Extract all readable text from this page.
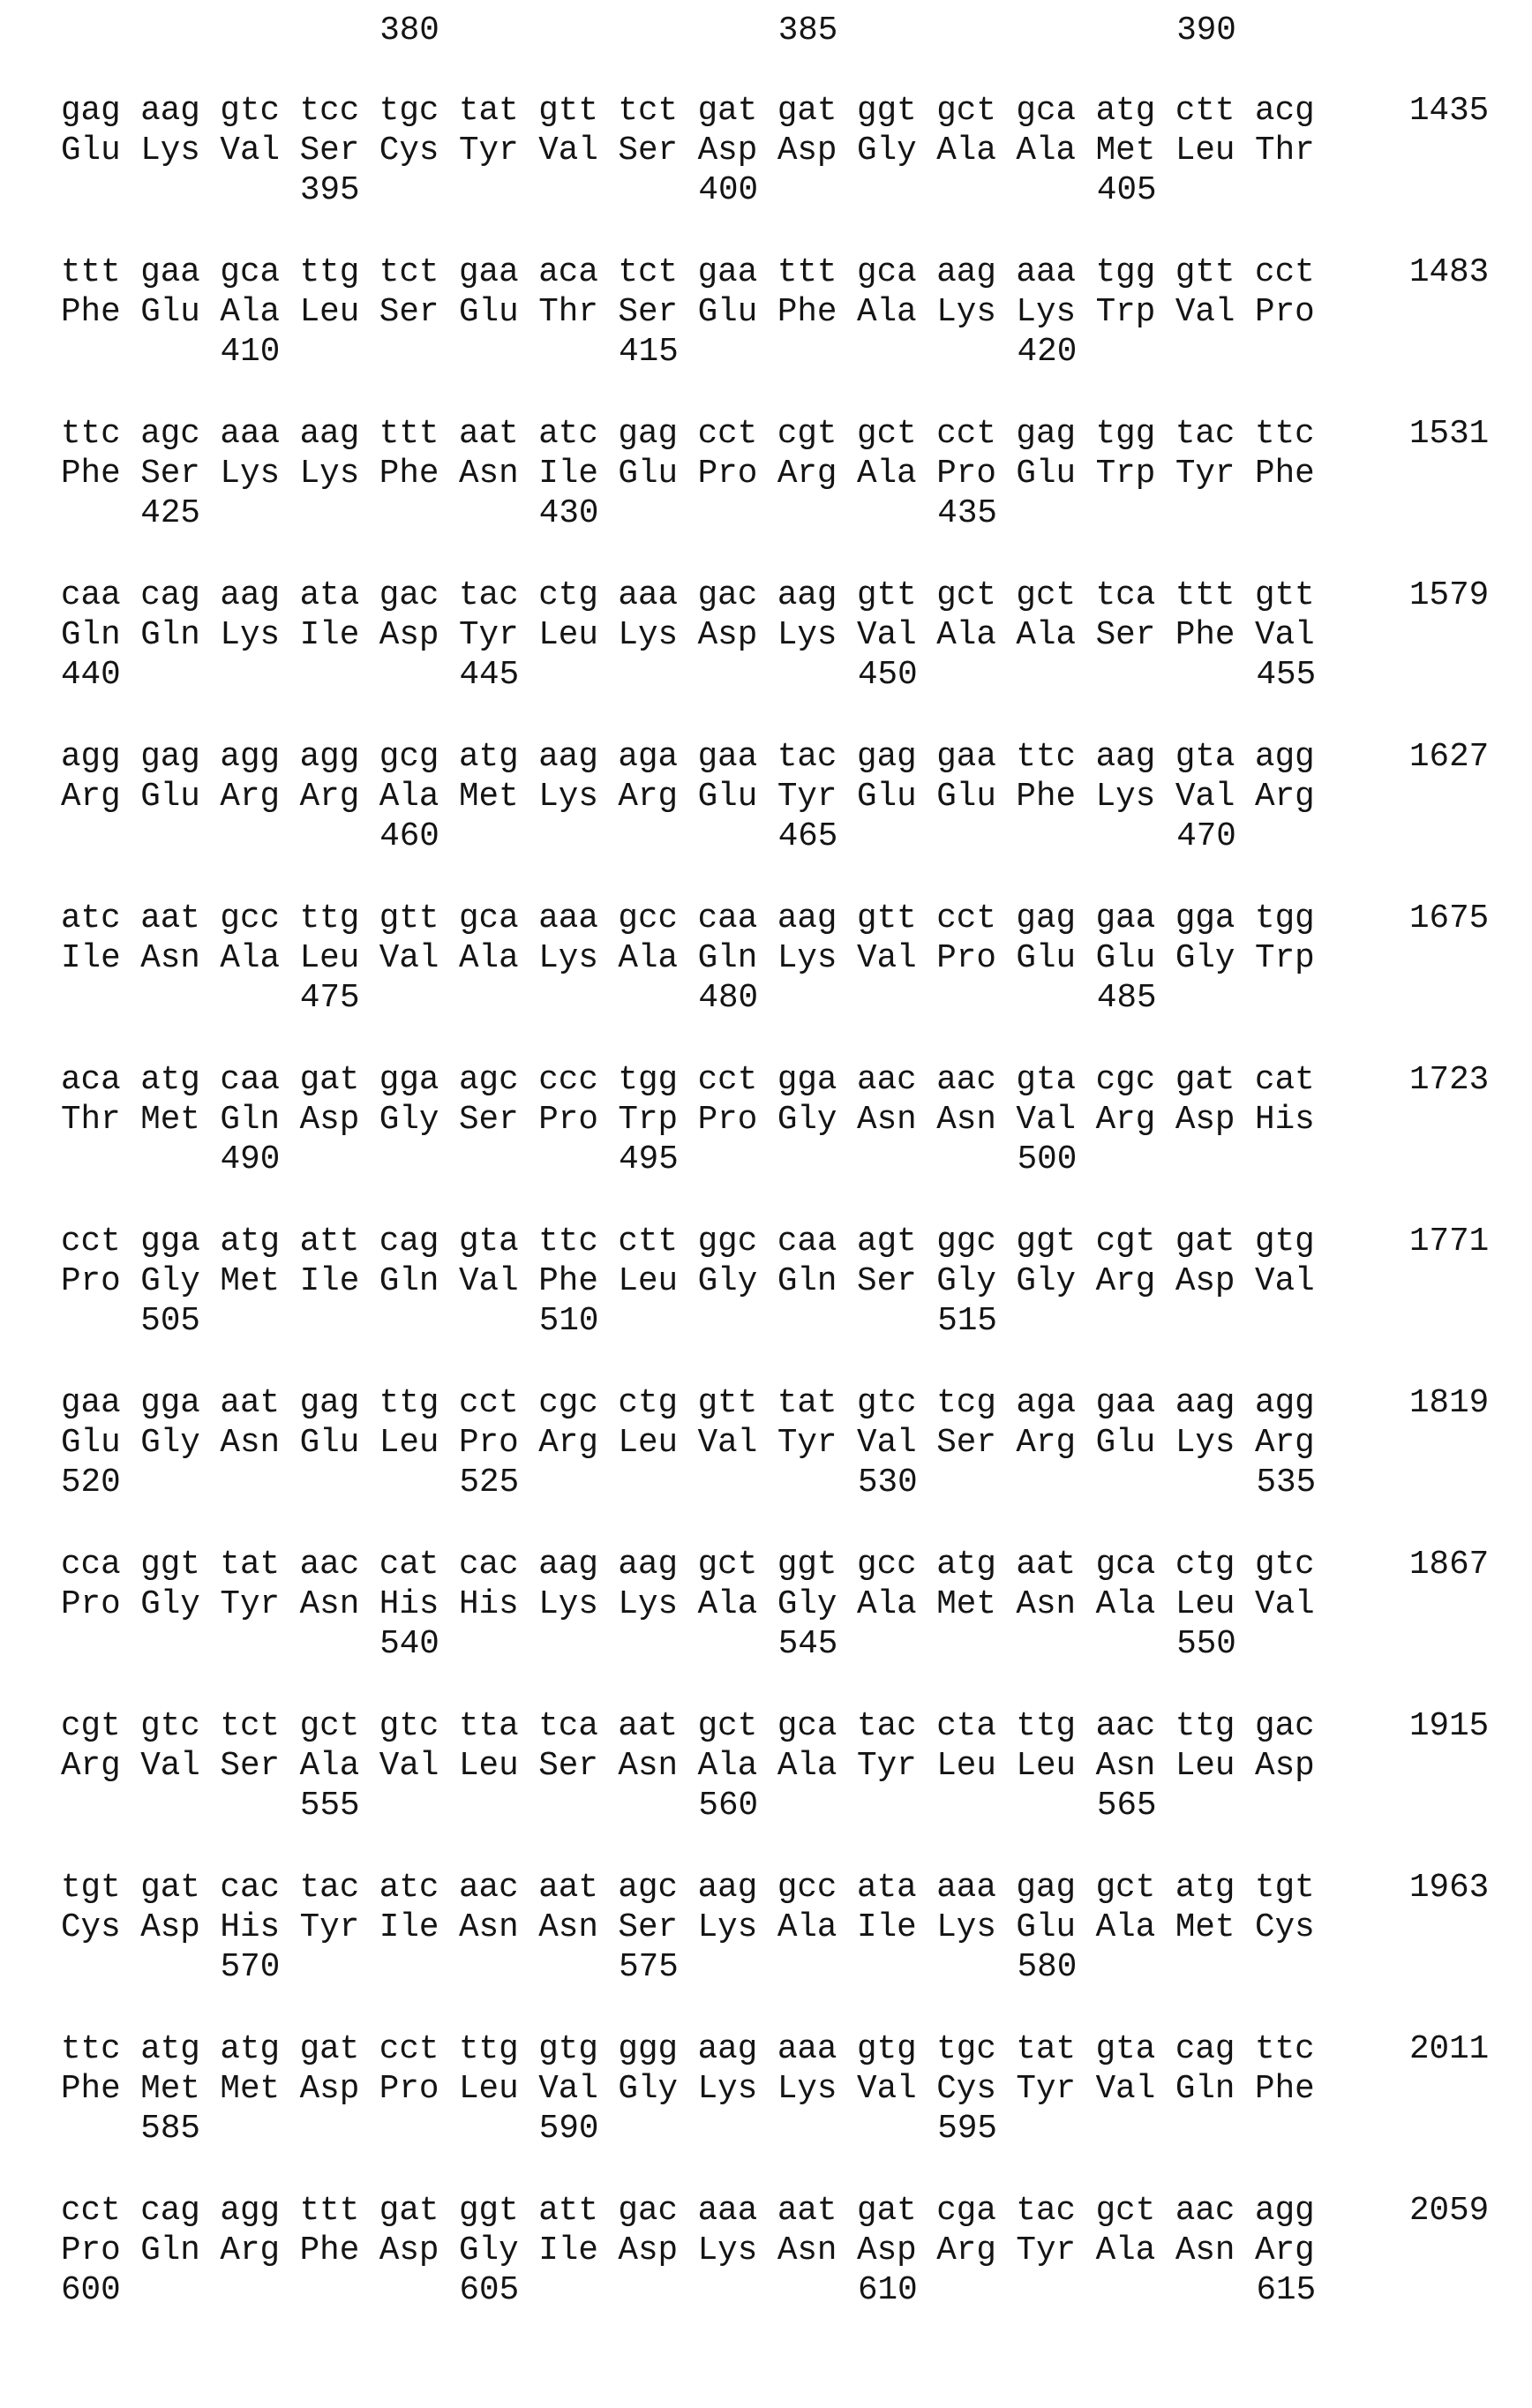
380	385	390
gag aag gtc tcc tgc tat gtt tct gat gat ggt gct gca atg ctt acg	1435
Glu Lys Val Ser Cys Tyr Val Ser Asp Asp Gly Ala Ala Met Leu Thr
395	400	405
ttt gaa gca ttg tct gaa aca tct gaa ttt gca aag aaa tgg gtt cct	1483
Phe Glu Ala Leu Ser Glu Thr Ser Glu Phe Ala Lys Lys Trp Val Pro
410	415	420
ttc agc aaa aag ttt aat atc gag cct cgt gct cct gag tgg tac ttc	1531
Phe Ser Lys Lys Phe Asn Ile Glu Pro Arg Ala Pro Glu Trp Tyr Phe
425	430	435
caa cag aag ata gac tac ctg aaa gac aag gtt gct gct tca ttt gtt	1579
Gln Gln Lys Ile Asp Tyr Leu Lys Asp Lys Val Ala Ala Ser Phe Val
440	445	450	455
agg gag agg agg gcg atg aag aga gaa tac gag gaa ttc aag gta agg	1627
Arg Glu Arg Arg Ala Met Lys Arg Glu Tyr Glu Glu Phe Lys Val Arg
460	465	470
atc aat gcc ttg gtt gca aaa gcc caa aag gtt cct gag gaa gga tgg	1675
Ile Asn Ala Leu Val Ala Lys Ala Gln Lys Val Pro Glu Glu Gly Trp
475	480	485
aca atg caa gat gga agc ccc tgg cct gga aac aac gta cgc gat cat	1723
Thr Met Gln Asp Gly Ser Pro Trp Pro Gly Asn Asn Val Arg Asp His
490	495	500
cct gga atg att cag gta ttc ctt ggc caa agt ggc ggt cgt gat gtg	1771
Pro Gly Met Ile Gln Val Phe Leu Gly Gln Ser Gly Gly Arg Asp Val
505	510	515
gaa gga aat gag ttg cct cgc ctg gtt tat gtc tcg aga gaa aag agg	1819
Glu Gly Asn Glu Leu Pro Arg Leu Val Tyr Val Ser Arg Glu Lys Arg
520	525	530	535
cca ggt tat aac cat cac aag aag gct ggt gcc atg aat gca ctg gtc	1867
Pro Gly Tyr Asn His His Lys Lys Ala Gly Ala Met Asn Ala Leu Val
540	545	550
cgt gtc tct gct gtc tta tca aat gct gca tac cta ttg aac ttg gac	1915
Arg Val Ser Ala Val Leu Ser Asn Ala Ala Tyr Leu Leu Asn Leu Asp
555	560	565
tgt gat cac tac atc aac aat agc aag gcc ata aaa gag gct atg tgt	1963
Cys Asp His Tyr Ile Asn Asn Ser Lys Ala Ile Lys Glu Ala Met Cys
570	575	580
ttc atg atg gat cct ttg gtg ggg aag aaa gtg tgc tat gta cag ttc	2011
Phe Met Met Asp Pro Leu Val Gly Lys Lys Val Cys Tyr Val Gln Phe
585	590	595
cct cag agg ttt gat ggt att gac aaa aat gat cga tac gct aac agg	2059
Pro Gln Arg Phe Asp Gly Ile Asp Lys Asn Asp Arg Tyr Ala Asn Arg
600	605	610	615
